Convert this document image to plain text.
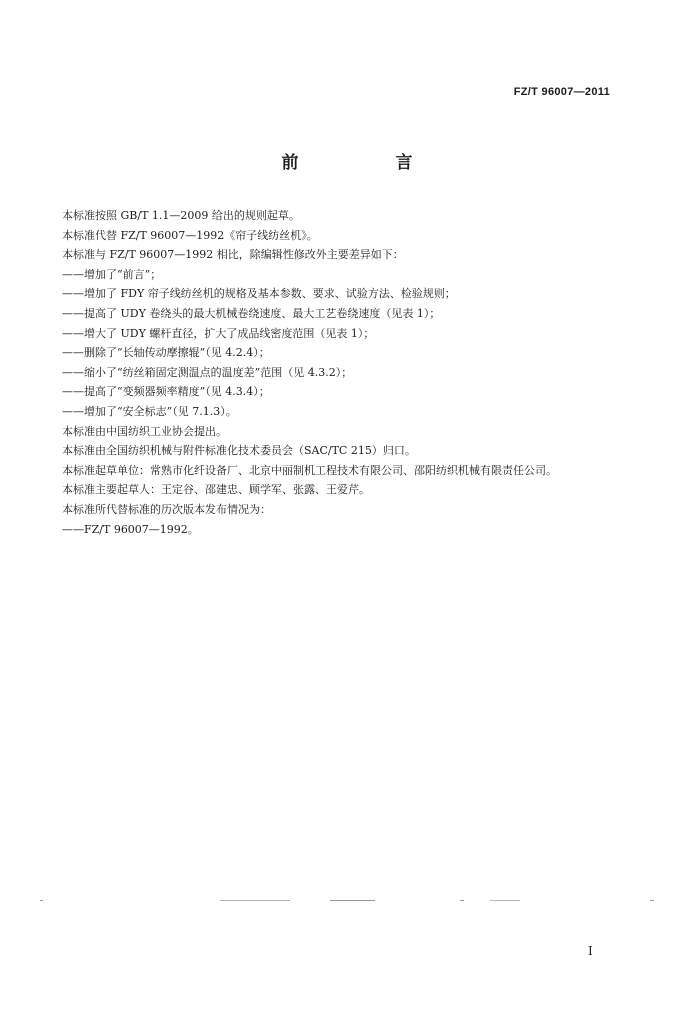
FZ/T 96007—2011
前　言

本标准按照 GB/T 1.1—2009 给出的规则起草。

本标准代替 FZ/T 96007—1992《帘子线纺丝机》。

本标准与 FZ/T 96007—1992 相比，除编辑性修改外主要差异如下：

——增加了“前言”；

——增加了 FDY 帘子线纺丝机的规格及基本参数、要求、试验方法、检验规则；

——提高了 UDY 卷绕头的最大机械卷绕速度、最大工艺卷绕速度（见表 1）；

——增大了 UDY 螺杆直径，扩大了成品线密度范围（见表 1）；

——删除了“长轴传动摩擦辊”（见 4.2.4）；

——缩小了“纺丝箱固定测温点的温度差”范围（见 4.3.2）；

——提高了“变频器频率精度”（见 4.3.4）；

——增加了“安全标志”（见 7.1.3）。

本标准由中国纺织工业协会提出。

本标准由全国纺织机械与附件标准化技术委员会（SAC/TC 215）归口。

本标准起草单位：常熟市化纤设备厂、北京中丽制机工程技术有限公司、邵阳纺织机械有限责任公司。

本标准主要起草人：王定谷、邵建忠、顾学军、张露、王爱芹。

本标准所代替标准的历次版本发布情况为：

——FZ/T 96007—1992。

I
